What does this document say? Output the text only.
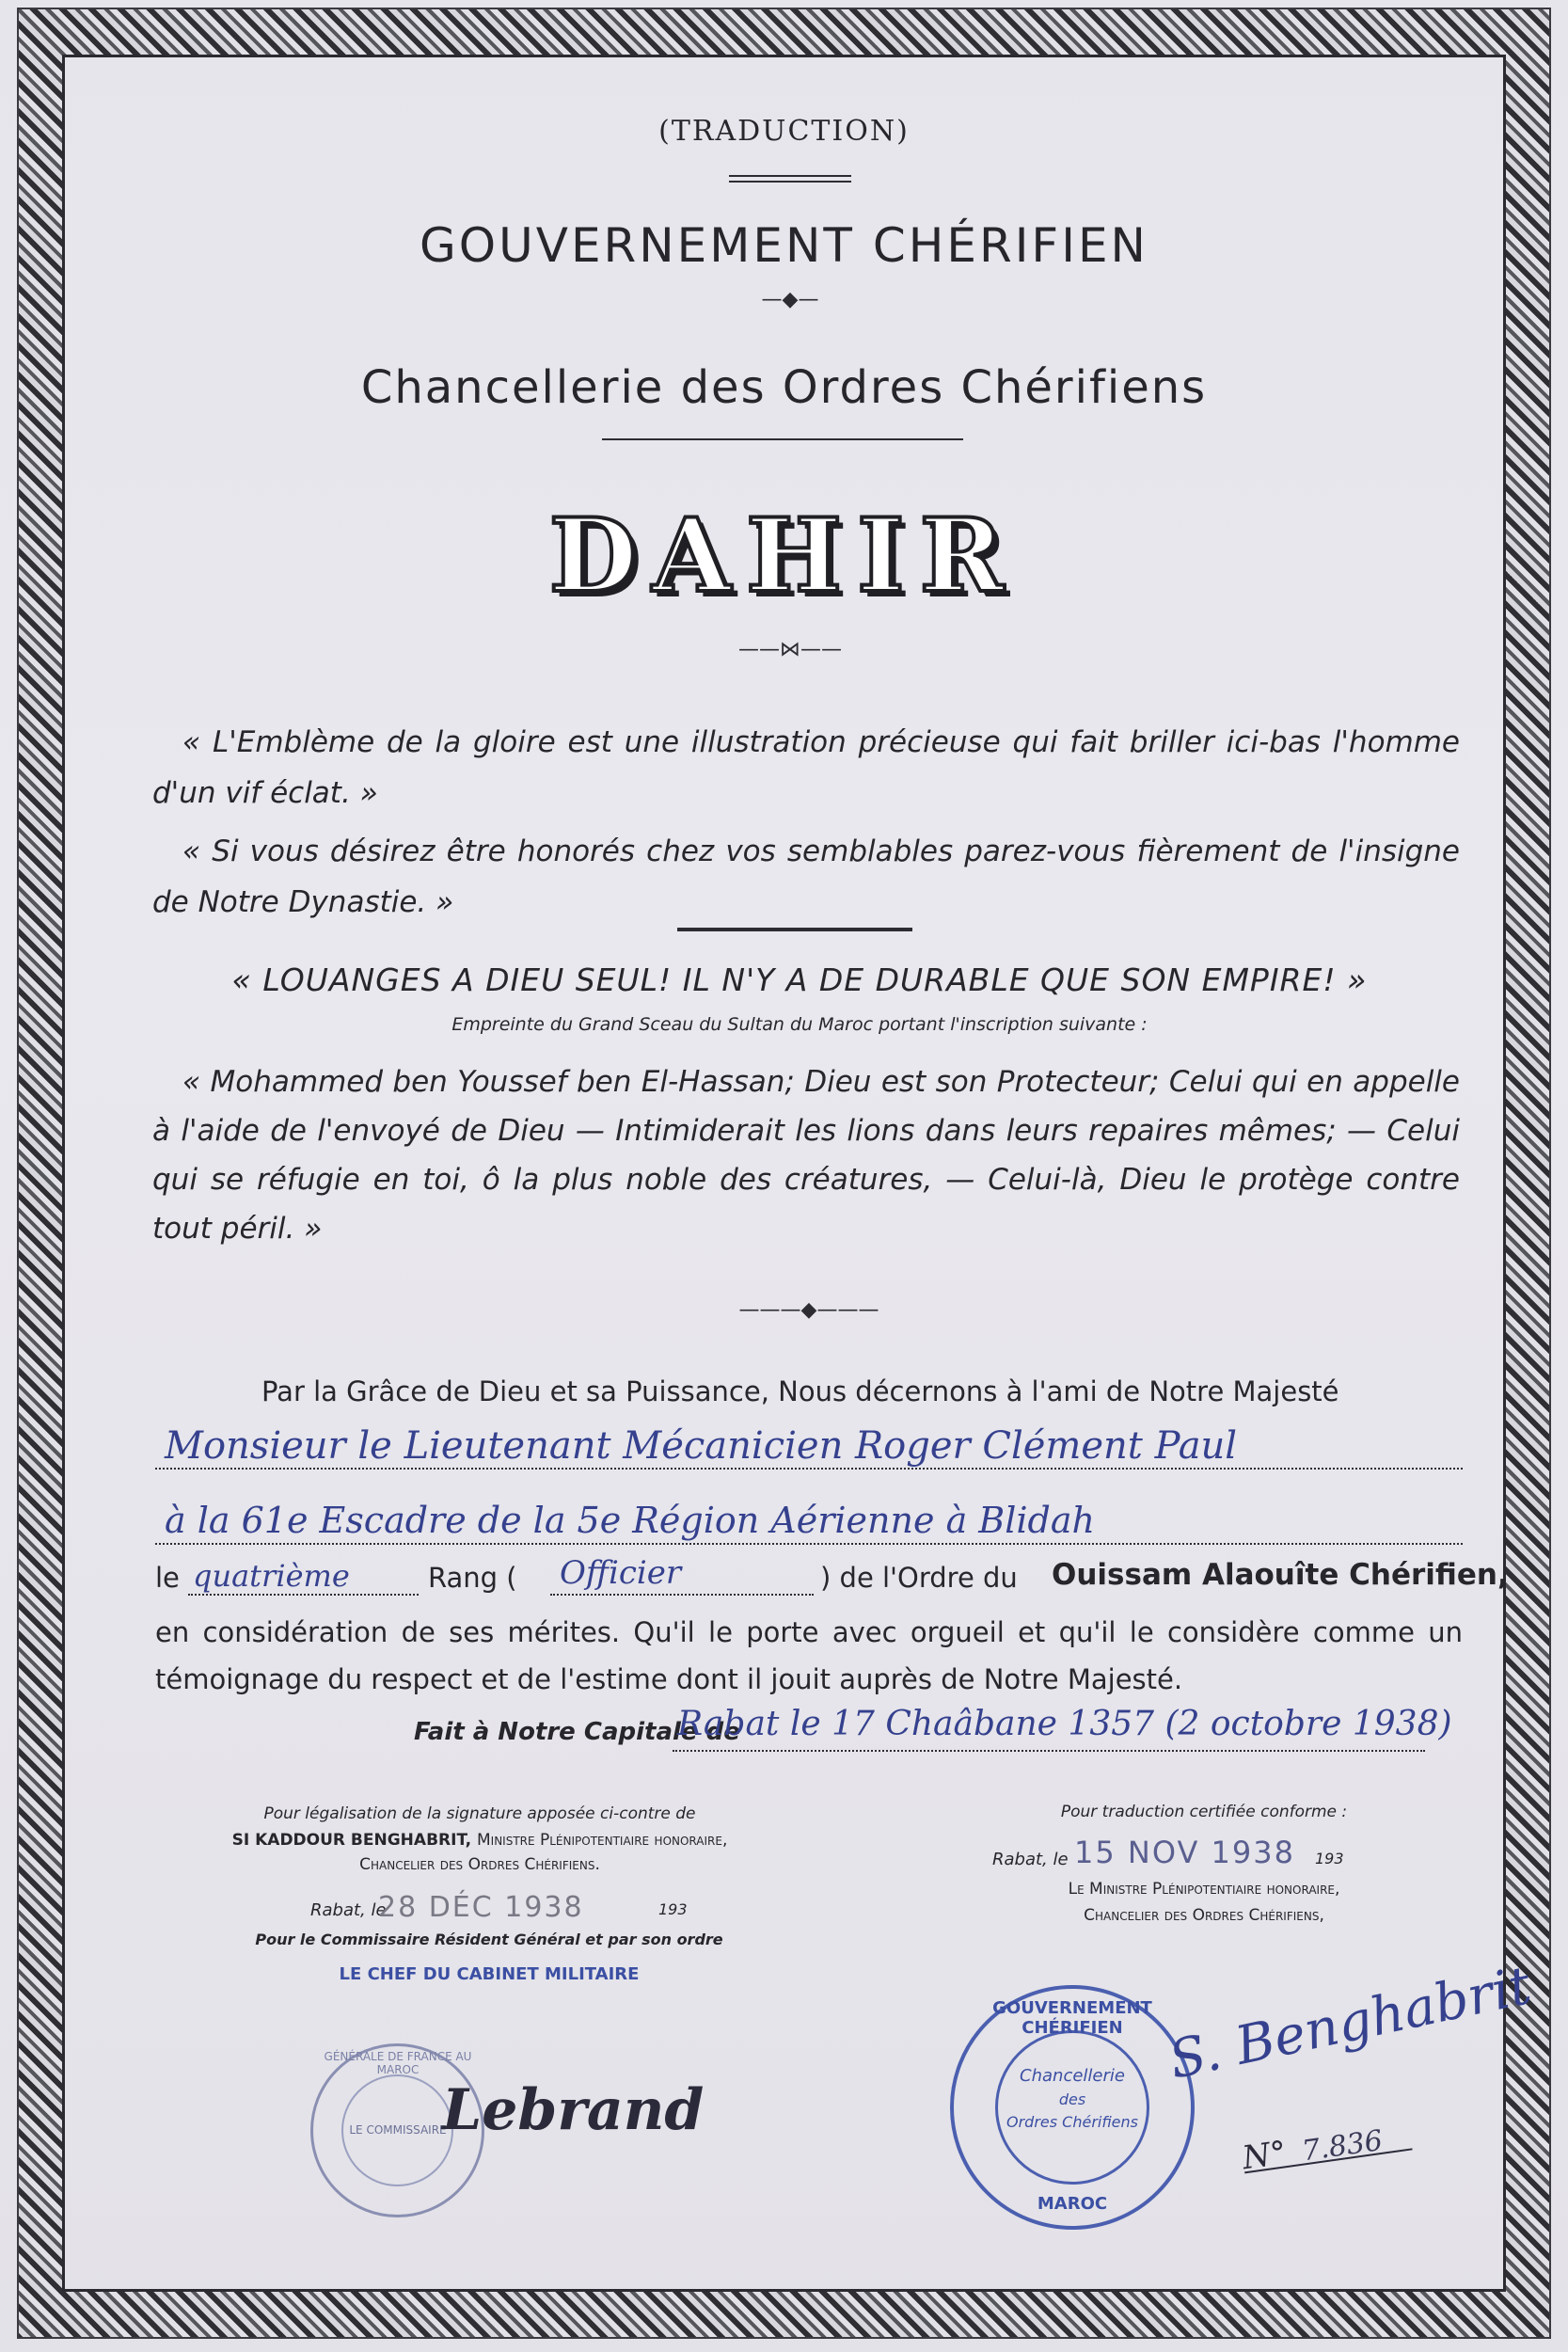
(TRADUCTION)
GOUVERNEMENT CHÉRIFIEN
—◆—
Chancellerie des Ordres Chérifiens
DAHIR
——⋈——

« L'Emblème de la gloire est une illustration précieuse qui fait briller ici-bas l'homme d'un vif éclat. »

« Si vous désirez être honorés chez vos semblables parez-vous fièrement de l'insigne de Notre Dynastie. »

« LOUANGES A DIEU SEUL! IL N'Y A DE DURABLE QUE SON EMPIRE! »
Empreinte du Grand Sceau du Sultan du Maroc portant l'inscription suivante :
« Mohammed ben Youssef ben El-Hassan; Dieu est son Protecteur; Celui qui en appelle à l'aide de l'envoyé de Dieu — Intimiderait les lions dans leurs repaires mêmes; — Celui qui se réfugie en toi, ô la plus noble des créatures, — Celui-là, Dieu le protège contre tout péril. »
———◆———
Par la Grâce de Dieu et sa Puissance, Nous décernons à l'ami de Notre Majesté
Monsieur le Lieutenant Mécanicien Roger Clément Paul
à la 61e Escadre de la 5e Région Aérienne à Blidah
le quatrième	Rang ( Officier	) de l'Ordre du Ouissam Alaouîte Chérifien,
en considération de ses mérites. Qu'il le porte avec orgueil et qu'il le considère comme un témoignage du respect et de l'estime dont il jouit auprès de Notre Majesté.
Fait à Notre Capitale de
Rabat le 17 Chaâbane 1357 (2 octobre 1938)
Pour légalisation de la signature apposée ci-contre de
SI KADDOUR BENGHABRIT, Ministre Plénipotentiaire honoraire,
Chancelier des Ordres Chérifiens.
Rabat, le
28 DÉC 1938	193
Pour le Commissaire Résident Général et par son ordre
LE CHEF DU CABINET MILITAIRE
GÉNÉRALE DE FRANCE AU MAROC
LE COMMISSAIRE
Lebrand
Pour traduction certifiée conforme :
Rabat, le 15 NOV 1938 193
Le Ministre Plénipotentiaire honoraire,
Chancelier des Ordres Chérifiens,
GOUVERNEMENT CHÉRIFIEN
MAROC
Chancellerie
des
Ordres Chérifiens
S. Benghabrit
N° 7.836
